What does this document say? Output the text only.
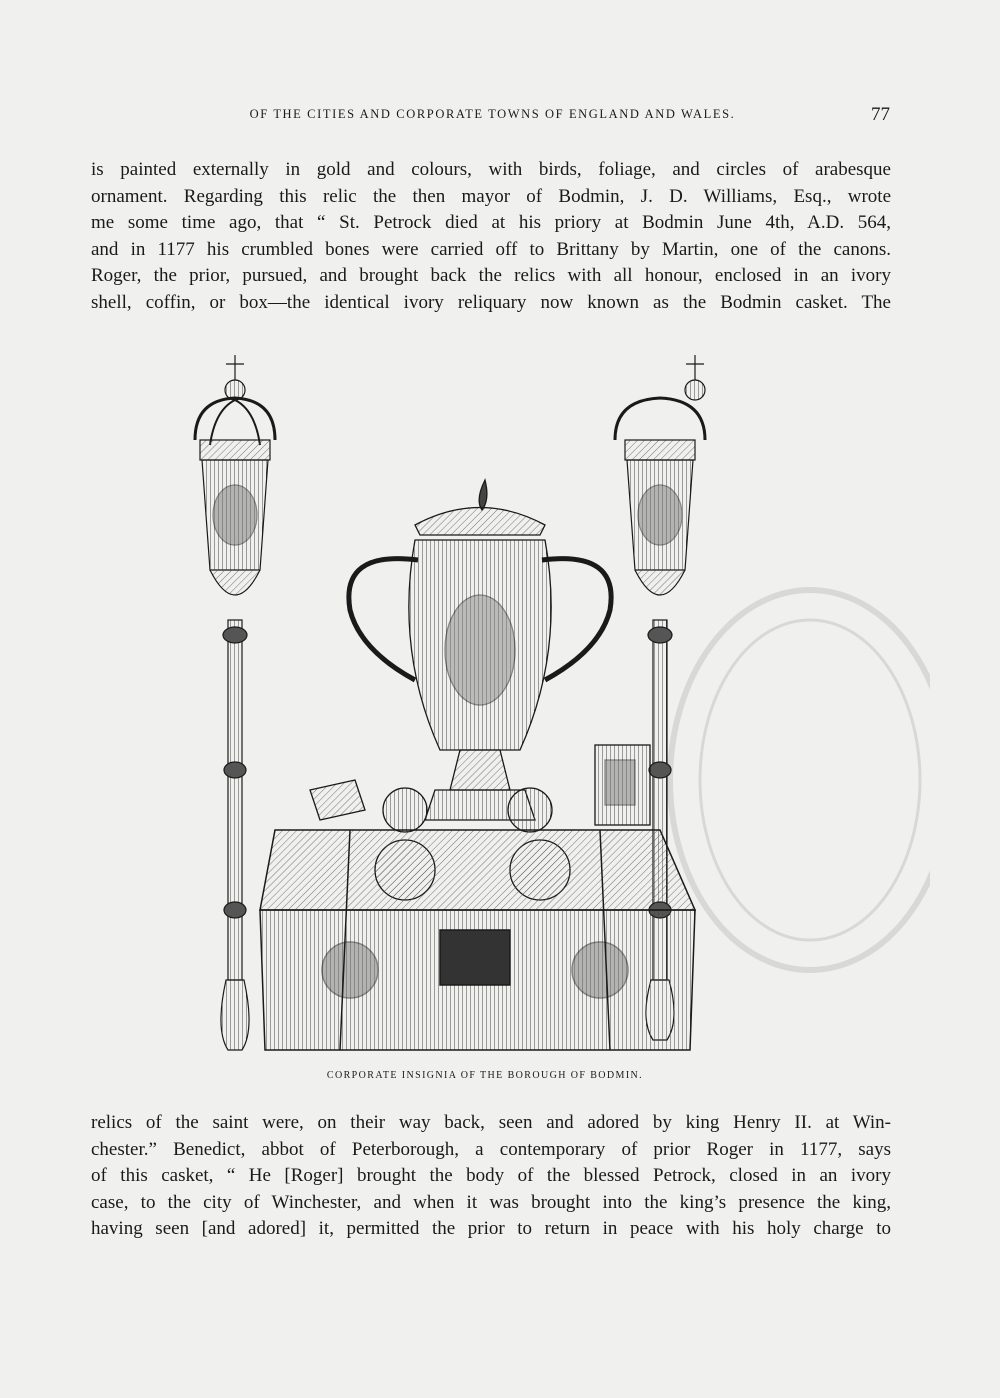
OF THE CITIES AND CORPORATE TOWNS OF ENGLAND AND WALES.	77
is painted externally in gold and colours, with birds, foliage, and circles of arabesque
ornament. Regarding this relic the then mayor of Bodmin, J. D. Williams, Esq., wrote
me some time ago, that “ St. Petrock died at his priory at Bodmin June 4th, A.D. 564,
and in 1177 his crumbled bones were carried off to Brittany by Martin, one of the canons.
Roger, the prior, pursued, and brought back the relics with all honour, enclosed in an ivory
shell, coffin, or box—the identical ivory reliquary now known as the Bodmin casket. The
CORPORATE INSIGNIA OF THE BOROUGH OF BODMIN.
relics of the saint were, on their way back, seen and adored by king Henry II. at Win-
chester.” Benedict, abbot of Peterborough, a contemporary of prior Roger in 1177, says
of this casket, “ He [Roger] brought the body of the blessed Petrock, closed in an ivory
case, to the city of Winchester, and when it was brought into the king’s presence the king,
having seen [and adored] it, permitted the prior to return in peace with his holy charge to
